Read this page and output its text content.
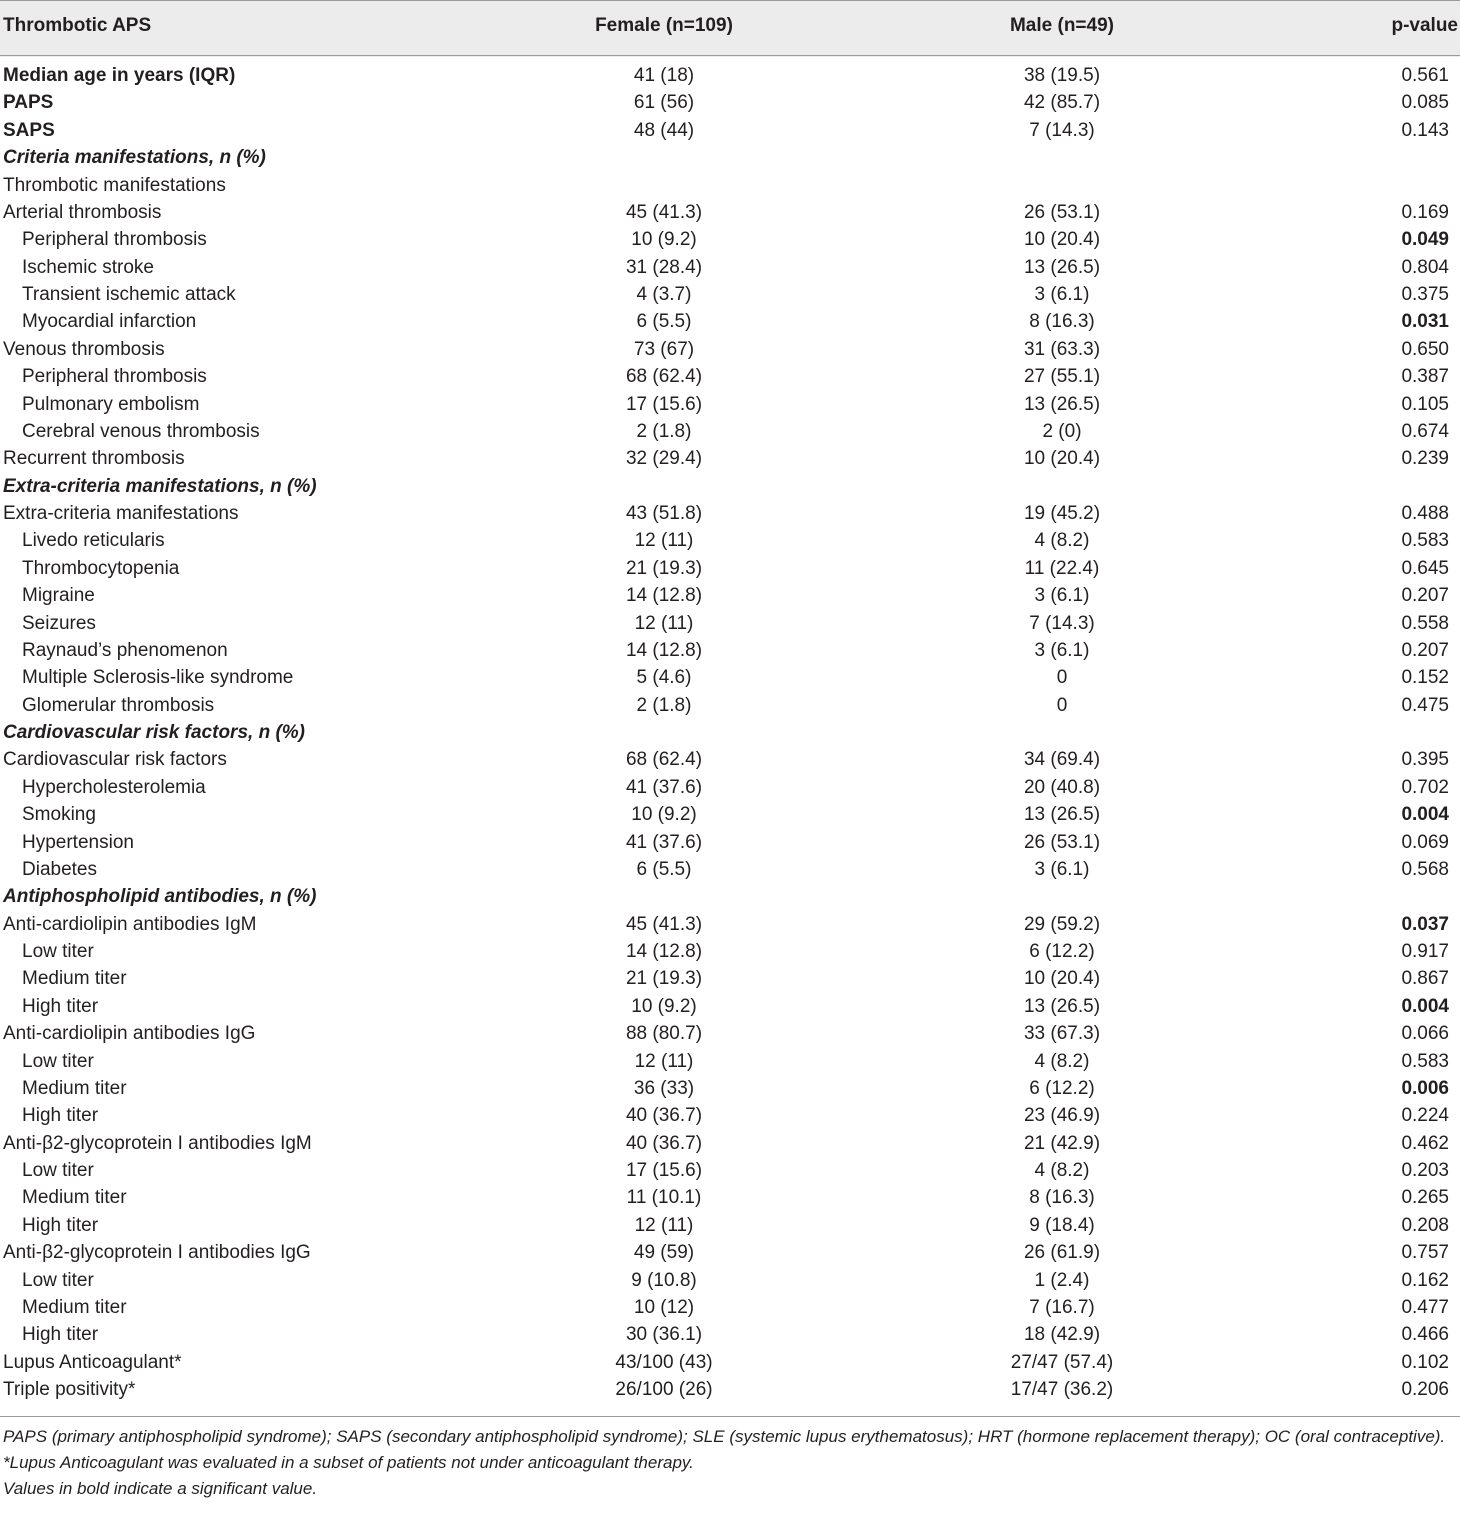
Thrombotic APS	Female (n=109)	Male (n=49)	p-value
Median age in years (IQR)	41 (18)	38 (19.5)	0.561
PAPS	61 (56)	42 (85.7)	0.085
SAPS	48 (44)	7 (14.3)	0.143
Criteria manifestations, n (%)
Thrombotic manifestations
Arterial thrombosis	45 (41.3)	26 (53.1)	0.169
Peripheral thrombosis	10 (9.2)	10 (20.4)	0.049
Ischemic stroke	31 (28.4)	13 (26.5)	0.804
Transient ischemic attack	4 (3.7)	3 (6.1)	0.375
Myocardial infarction	6 (5.5)	8 (16.3)	0.031
Venous thrombosis	73 (67)	31 (63.3)	0.650
Peripheral thrombosis	68 (62.4)	27 (55.1)	0.387
Pulmonary embolism	17 (15.6)	13 (26.5)	0.105
Cerebral venous thrombosis	2 (1.8)	2 (0)	0.674
Recurrent thrombosis	32 (29.4)	10 (20.4)	0.239
Extra-criteria manifestations, n (%)
Extra-criteria manifestations	43 (51.8)	19 (45.2)	0.488
Livedo reticularis	12 (11)	4 (8.2)	0.583
Thrombocytopenia	21 (19.3)	11 (22.4)	0.645
Migraine	14 (12.8)	3 (6.1)	0.207
Seizures	12 (11)	7 (14.3)	0.558
Raynaud’s phenomenon	14 (12.8)	3 (6.1)	0.207
Multiple Sclerosis-like syndrome	5 (4.6)	0	0.152
Glomerular thrombosis	2 (1.8)	0	0.475
Cardiovascular risk factors, n (%)
Cardiovascular risk factors	68 (62.4)	34 (69.4)	0.395
Hypercholesterolemia	41 (37.6)	20 (40.8)	0.702
Smoking	10 (9.2)	13 (26.5)	0.004
Hypertension	41 (37.6)	26 (53.1)	0.069
Diabetes	6 (5.5)	3 (6.1)	0.568
Antiphospholipid antibodies, n (%)
Anti-cardiolipin antibodies IgM	45 (41.3)	29 (59.2)	0.037
Low titer	14 (12.8)	6 (12.2)	0.917
Medium titer	21 (19.3)	10 (20.4)	0.867
High titer	10 (9.2)	13 (26.5)	0.004
Anti-cardiolipin antibodies IgG	88 (80.7)	33 (67.3)	0.066
Low titer	12 (11)	4 (8.2)	0.583
Medium titer	36 (33)	6 (12.2)	0.006
High titer	40 (36.7)	23 (46.9)	0.224
Anti-β2-glycoprotein I antibodies IgM	40 (36.7)	21 (42.9)	0.462
Low titer	17 (15.6)	4 (8.2)	0.203
Medium titer	11 (10.1)	8 (16.3)	0.265
High titer	12 (11)	9 (18.4)	0.208
Anti-β2-glycoprotein I antibodies IgG	49 (59)	26 (61.9)	0.757
Low titer	9 (10.8)	1 (2.4)	0.162
Medium titer	10 (12)	7 (16.7)	0.477
High titer	30 (36.1)	18 (42.9)	0.466
Lupus Anticoagulant*	43/100 (43)	27/47 (57.4)	0.102
Triple positivity*	26/100 (26)	17/47 (36.2)	0.206

PAPS (primary antiphospholipid syndrome); SAPS (secondary antiphospholipid syndrome); SLE (systemic lupus erythematosus); HRT (hormone replacement therapy); OC (oral contraceptive).

*Lupus Anticoagulant was evaluated in a subset of patients not under anticoagulant therapy.

Values in bold indicate a significant value.
